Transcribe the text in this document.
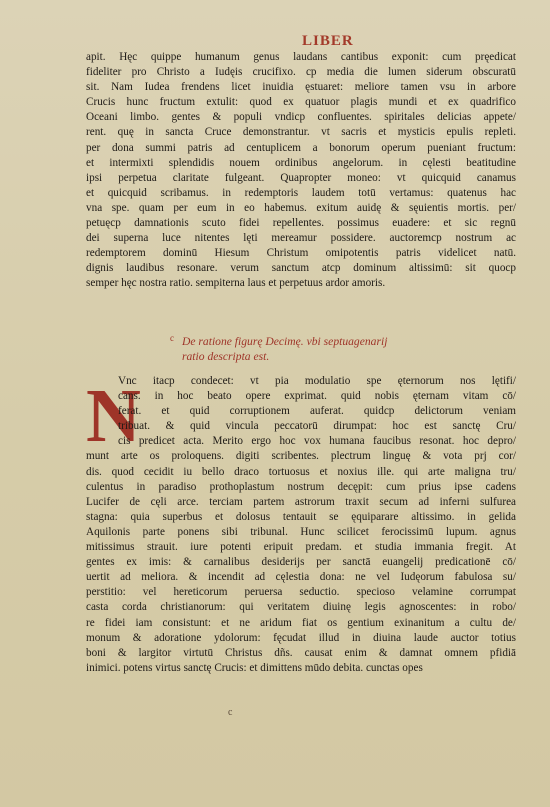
LIBER
apit. Hęc quippe humanum genus laudans cantibus exponit: cum pręedicat
fideliter pro Christo a Iudęis crucifixo. cp media die lumen siderum obscuratū
sit. Nam Iudea frendens licet inuidia ęstuaret: meliore tamen vsu in arbore
Crucis hunc fructum extulit: quod ex quatuor plagis mundi et ex quadrifico
Oceani limbo. gentes & populi vndicp confluentes. spiritales delicias appete/
rent. quę in sancta Cruce demonstrantur. vt sacris et mysticis epulis repleti.
per dona summi patris ad centuplicem a bonorum operum pueniant fructum:
et intermixti splendidis nouem ordinibus angelorum. in cęlesti beatitudine
ipsi perpetua claritate fulgeant. Quapropter moneo: vt quicquid canamus
et quicquid scribamus. in redemptoris laudem totū vertamus: quatenus hac
vna spe. quam per eum in eo habemus. exitum auidę & sęuientis mortis. per/
petuęcp damnationis scuto fidei repellentes. possimus euadere: et sic regnū
dei superna luce nitentes lęti mereamur possidere. auctoremcp nostrum ac
redemptorem dominū Hiesum Christum omipotentis patris videlicet natū.
dignis laudibus resonare. verum sanctum atcp dominum altissimū: sit quocp
semper hęc nostra ratio. sempiterna laus et perpetuus ardor amoris.
c De ratione figurę Decimę. vbi septuagenarij
ratio descripta est.
N
Vnc itacp condecet: vt pia modulatio spe ęternorum nos lętifi/
cans. in hoc beato opere exprimat. quid nobis ęternam vitam cō/
ferat. et quid corruptionem auferat. quidcp delictorum veniam
tribuat. & quid vincula peccatorū dirumpat: hoc est sanctę Cru/
cis predicet acta. Merito ergo hoc vox humana faucibus resonat. hoc depro/
munt arte os proloquens. digiti scribentes. plectrum linguę & vota prj cor/
dis. quod cecidit iu bello draco tortuosus et noxius ille. qui arte maligna tru/
culentus in paradiso prothoplastum nostrum decępit: cum prius ipse cadens
Lucifer de cęli arce. terciam partem astrorum traxit secum ad inferni sulfurea
stagna: quia superbus et dolosus tentauit se ęquiparare altissimo. in gelida
Aquilonis parte ponens sibi tribunal. Hunc scilicet ferocissimū lupum. agnus
mitissimus strauit. iure potenti eripuit predam. et studia immania fregit. At
gentes ex imis: & carnalibus desiderijs per sanctā euangelij predicationē cō/
uertit ad meliora. & incendit ad cęlestia dona: ne vel Iudęorum fabulosa su/
perstitio: vel hereticorum peruersa seductio. specioso velamine corrumpat
casta corda christianorum: qui veritatem diuinę legis agnoscentes: in robo/
re fidei iam consistunt: et ne aridum fiat os gentium exinanitum a cultu de/
monum & adoratione ydolorum: fęcudat illud in diuina laude auctor totius
boni & largitor virtutū Christus dñs. causat enim & damnat omnem pfidiā
inimici. potens virtus sanctę Crucis: et dimittens mūdo debita. cunctas opes
c
